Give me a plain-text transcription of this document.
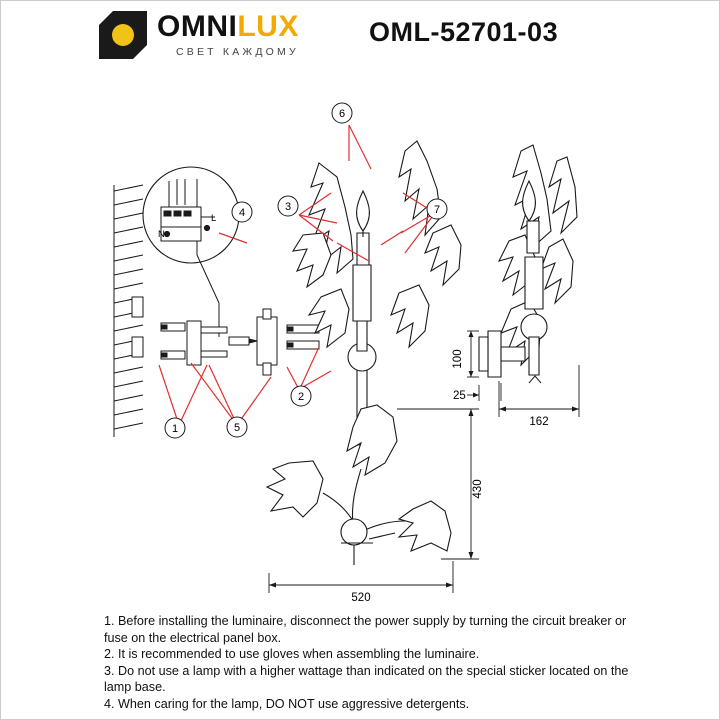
OMNILUX
СВЕТ КАЖДОМУ
OML-52701-03
N
L
100
25
162
430
520
1
2
3
4
5
6
7

1. Before installing the luminaire, disconnect the power supply by turning the circuit breaker or fuse on the electrical panel box.

2. It is recommended to use gloves when assembling the luminaire.

3. Do not use a lamp with a higher wattage than indicated on the special sticker located on the lamp base.

4. When caring for the lamp, DO NOT use aggressive detergents.
